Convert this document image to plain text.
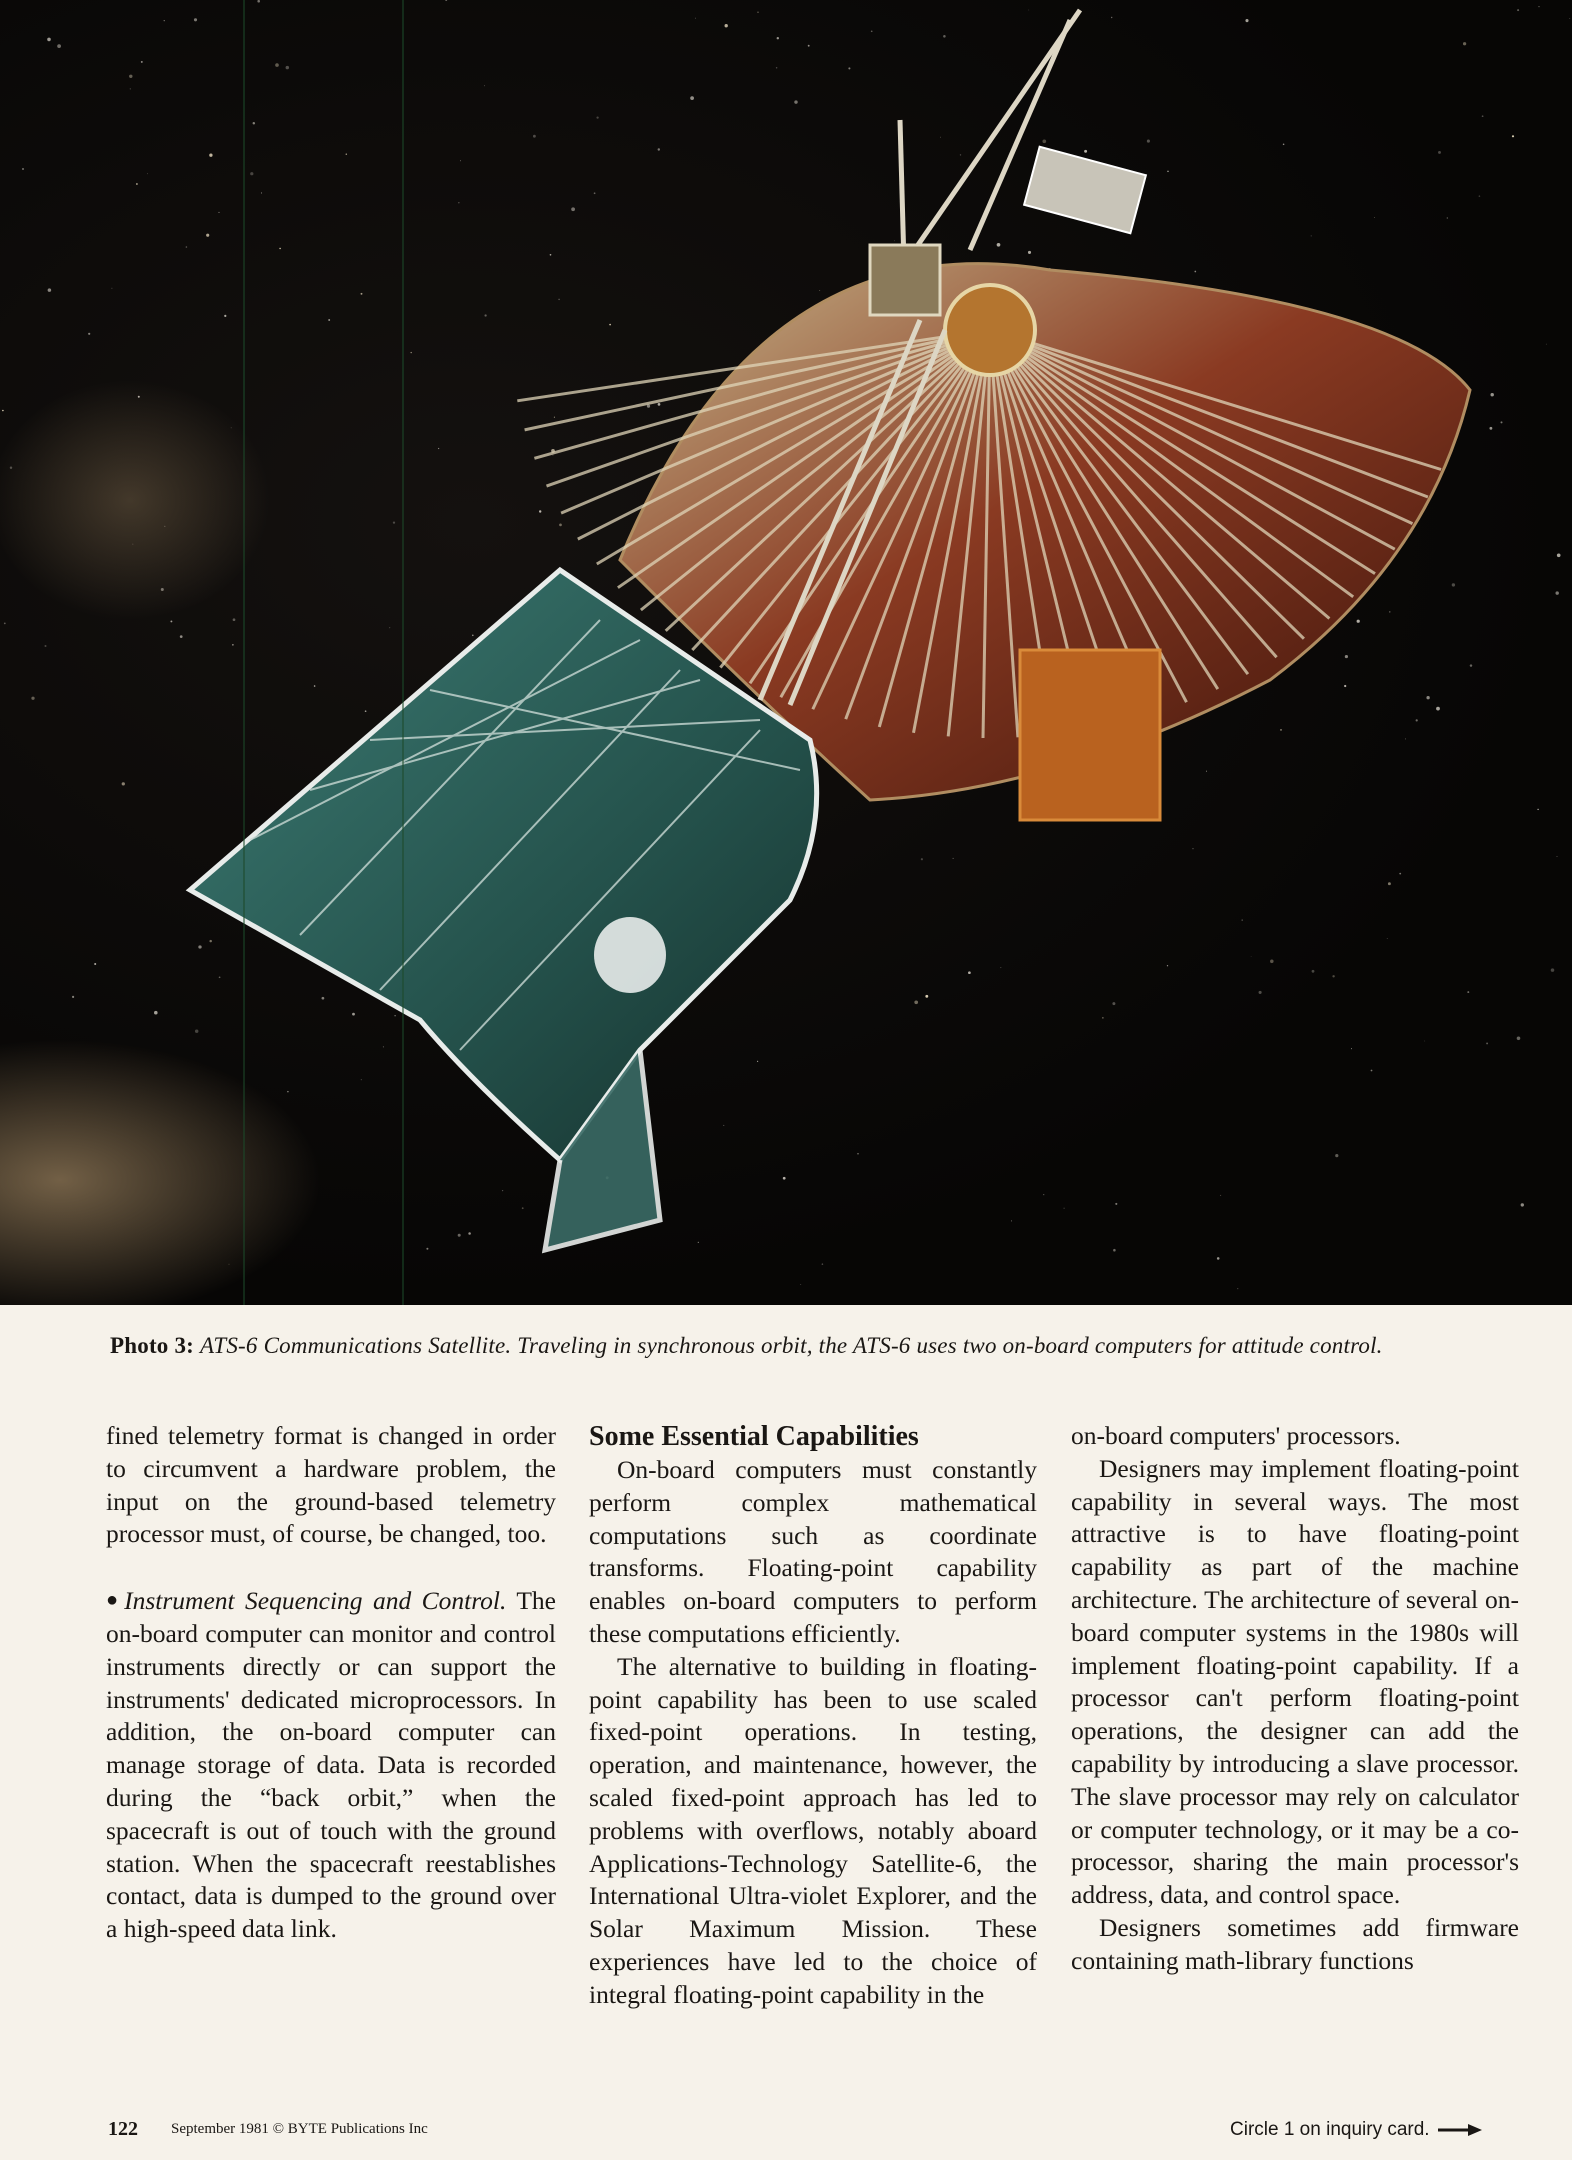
Photo 3: ATS-6 Communications Satellite. Traveling in synchronous orbit, the ATS-6 uses two on-board computers for attitude control.

fined telemetry format is changed in order to circumvent a hardware problem, the input on the ground-based telemetry processor must, of course, be changed, too.

●Instrument Sequencing and Control. The on-board computer can monitor and control instruments directly or can support the instruments' dedicated microprocessors. In addition, the on-board computer can manage storage of data. Data is recorded during the “back orbit,” when the spacecraft is out of touch with the ground station. When the spacecraft reestablishes contact, data is dumped to the ground over a high-speed data link.

Some Essential Capabilities

On-board computers must constantly perform complex mathematical computations such as coordinate transforms. Floating-point capability enables on-board computers to perform these computations efficiently.

The alternative to building in floating-point capability has been to use scaled fixed-point operations. In testing, operation, and maintenance, however, the scaled fixed-point approach has led to problems with overflows, notably aboard Applications-Technology Satellite-6, the International Ultra-violet Explorer, and the Solar Maximum Mission. These experiences have led to the choice of integral floating-point capability in the

on-board computers' processors.

Designers may implement floating-point capability in several ways. The most attractive is to have floating-point capability as part of the machine architecture. The architecture of several on-board computer systems in the 1980s will implement floating-point capability. If a processor can't perform floating-point operations, the designer can add the capability by introducing a slave processor. The slave processor may rely on calculator or computer technology, or it may be a co-processor, sharing the main processor's address, data, and control space.

Designers sometimes add firmware containing math-library functions

122 September 1981 © BYTE Publications Inc	Circle 1 on inquiry card.
